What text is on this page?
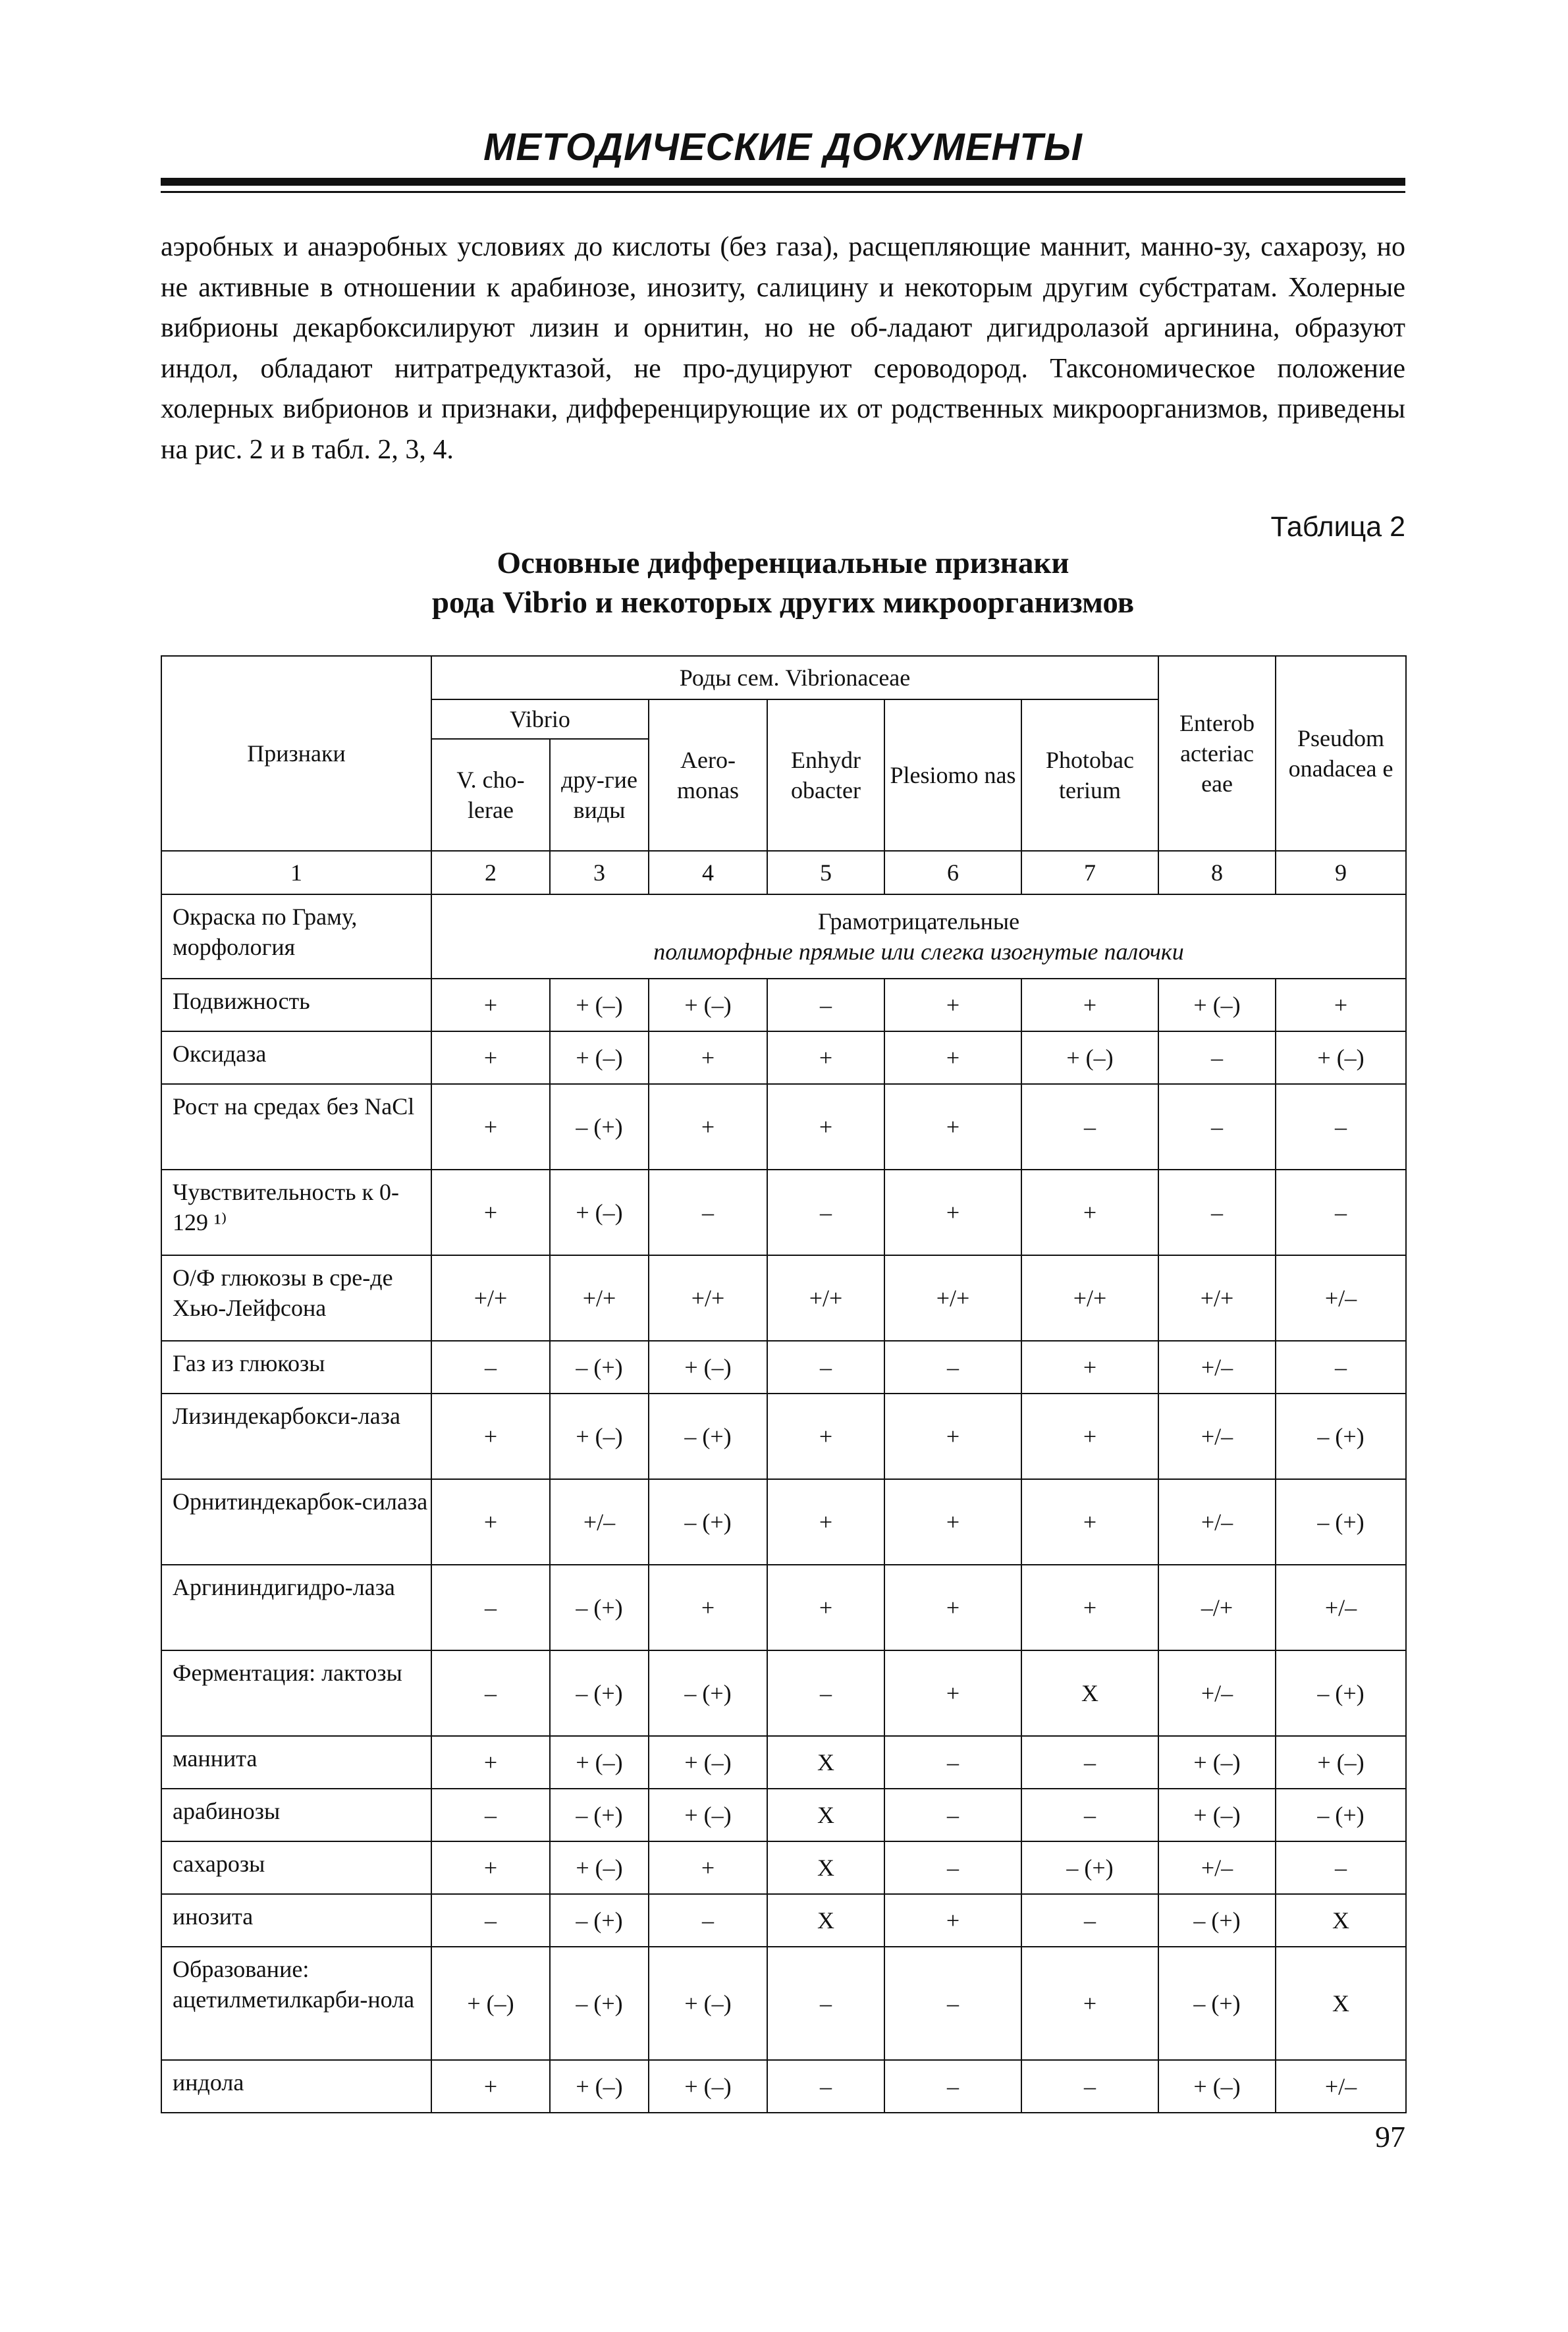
МЕТОДИЧЕСКИЕ ДОКУМЕНТЫ
аэробных и анаэробных условиях до кислоты (без газа), расщепляющие маннит, манно-зу, сахарозу, но не активные в отношении к арабинозе, инозиту, салицину и некоторым другим субстратам. Холерные вибрионы декарбоксилируют лизин и орнитин, но не об-ладают дигидролазой аргинина, образуют индол, обладают нитратредуктазой, не про-дуцируют сероводород. Таксономическое положение холерных вибрионов и признаки, дифференцирующие их от родственных микроорганизмов, приведены на рис. 2 и в табл. 2, 3, 4.
Таблица 2
Основные дифференциальные признаки
рода Vibrio и некоторых других микроорганизмов
Признаки	Роды сем. Vibrionaceae						Enterob acteriac eae	Pseudom onadacea e
	Vibrio		Aero-monas	Enhydr obacter	Plesiomo nas	Photobac terium		
	V. cho-lerae	дру-гие виды						
1	2	3	4	5	6	7	8	9
Окраска по Граму, морфология	Грамотрицательные
полиморфные прямые или слегка изогнутые палочки							

Подвижность	+	+ (–)	+ (–)	–	+	+	+ (–)	+
Оксидаза	+	+ (–)	+	+	+	+ (–)	–	+ (–)
Рост на средах без NaCl	+	– (+)	+	+	+	–	–	–
Чувствительность к 0-129 ¹⁾	+	+ (–)	–	–	+	+	–	–
О/Ф глюкозы в сре-де Хью-Лейфсона	+/+	+/+	+/+	+/+	+/+	+/+	+/+	+/–
Газ из глюкозы	–	– (+)	+ (–)	–	–	+	+/–	–
Лизиндекарбокси-лаза	+	+ (–)	– (+)	+	+	+	+/–	– (+)
Орнитиндекарбок-силаза	+	+/–	– (+)	+	+	+	+/–	– (+)
Аргининдигидро-лаза	–	– (+)	+	+	+	+	–/+	+/–
Ферментация: лактозы	–	– (+)	– (+)	–	+	X	+/–	– (+)
маннита	+	+ (–)	+ (–)	X	–	–	+ (–)	+ (–)
арабинозы	–	– (+)	+ (–)	X	–	–	+ (–)	– (+)
сахарозы	+	+ (–)	+	X	–	– (+)	+/–	–
инозита	–	– (+)	–	X	+	–	– (+)	X
Образование: ацетилметилкарби-нола	+ (–)	– (+)	+ (–)	–	–	+	– (+)	X
индола	+	+ (–)	+ (–)	–	–	–	+ (–)	+/–
97
